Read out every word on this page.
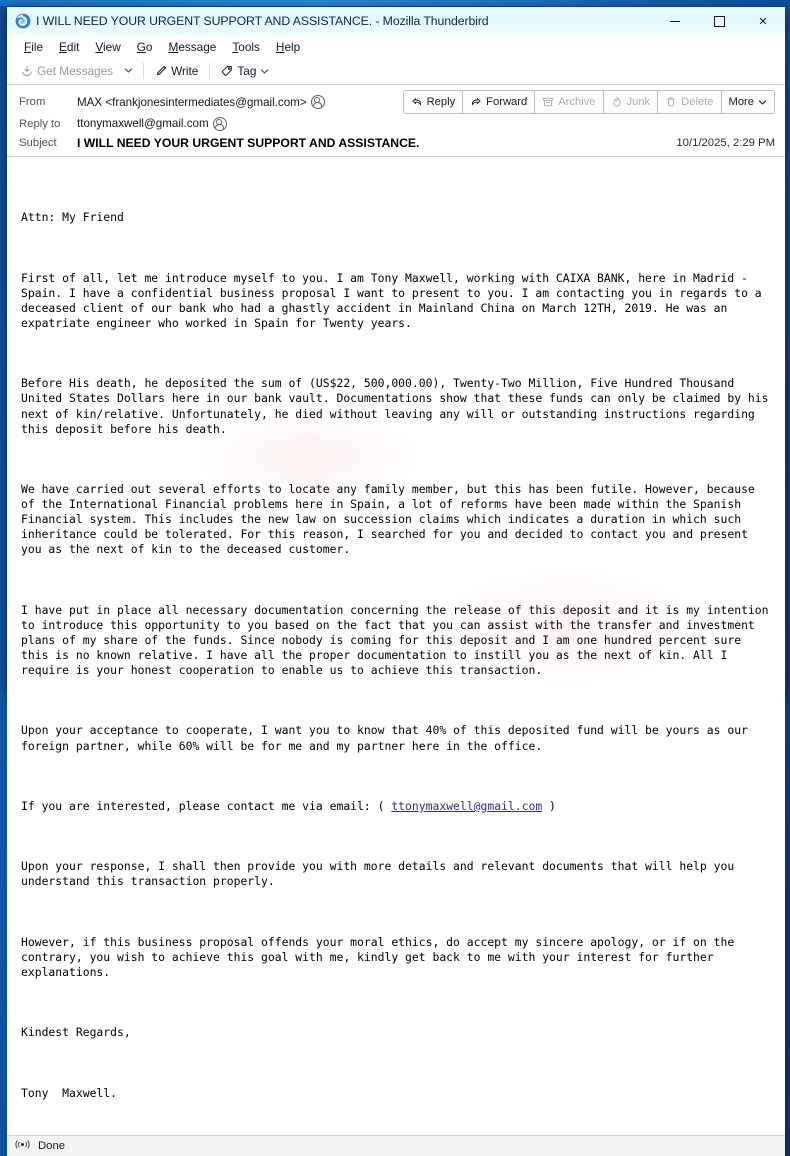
I WILL NEED YOUR URGENT SUPPORT AND ASSISTANCE. - Mozilla Thunderbird	✕
File	Edit	View	Go	Message	Tools	Help
Get Messages	Write	Tag
From	MAX <frankjonesintermediates@gmail.com>	Reply	Forward	Archive	Junk	Delete More
Reply to	ttonymaxwell@gmail.com
Subject	I WILL NEED YOUR URGENT SUPPORT AND ASSISTANCE.	10/1/2025, 2:29 PM

Attn: My Friend

First of all, let me introduce myself to you. I am Tony Maxwell, working with CAIXA BANK, here in Madrid - Spain. I have a confidential business proposal I want to present to you. I am contacting you in regards to a deceased client of our bank who had a ghastly accident in Mainland China on March 12TH, 2019. He was an expatriate engineer who worked in Spain for Twenty years.

Before His death, he deposited the sum of (US$22, 500,000.00), Twenty-Two Million, Five Hundred Thousand United States Dollars here in our bank vault. Documentations show that these funds can only be claimed by his next of kin/relative. Unfortunately, he died without leaving any will or outstanding instructions regarding this deposit before his death.

We have carried out several efforts to locate any family member, but this has been futile. However, because of the International Financial problems here in Spain, a lot of reforms have been made within the Spanish Financial system. This includes the new law on succession claims which indicates a duration in which such inheritance could be tolerated. For this reason, I searched for you and decided to contact you and present you as the next of kin to the deceased customer.

I have put in place all necessary documentation concerning the release of this deposit and it is my intention to introduce this opportunity to you based on the fact that you can assist with the transfer and investment plans of my share of the funds. Since nobody is coming for this deposit and I am one hundred percent sure this is no known relative. I have all the proper documentation to instill you as the next of kin. All I require is your honest cooperation to enable us to achieve this transaction.

Upon your acceptance to cooperate, I want you to know that 40% of this deposited fund will be yours as our foreign partner, while 60% will be for me and my partner here in the office.

If you are interested, please contact me via email: ( ttonymaxwell@gmail.com )

Upon your response, I shall then provide you with more details and relevant documents that will help you understand this transaction properly.

However, if this business proposal offends your moral ethics, do accept my sincere apology, or if on the contrary, you wish to achieve this goal with me, kindly get back to me with your interest for further explanations.

Kindest Regards,

Tony  Maxwell.

Done
